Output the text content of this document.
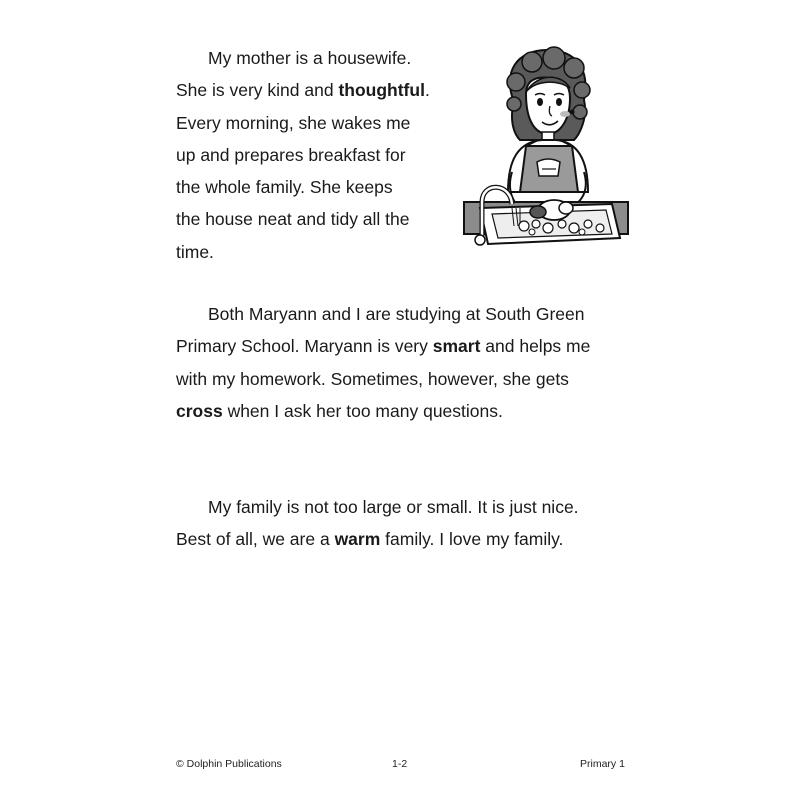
My mother is a housewife.
She is very kind and thoughtful.
Every morning, she wakes me
up and prepares breakfast for
the whole family. She keeps
the house neat and tidy all the
time.

Both Maryann and I are studying at South Green
Primary School. Maryann is very smart and helps me
with my homework. Sometimes, however, she gets
cross when I ask her too many questions.

My family is not too large or small. It is just nice.
Best of all, we are a warm family. I love my family.

© Dolphin Publications	1-2	Primary 1
